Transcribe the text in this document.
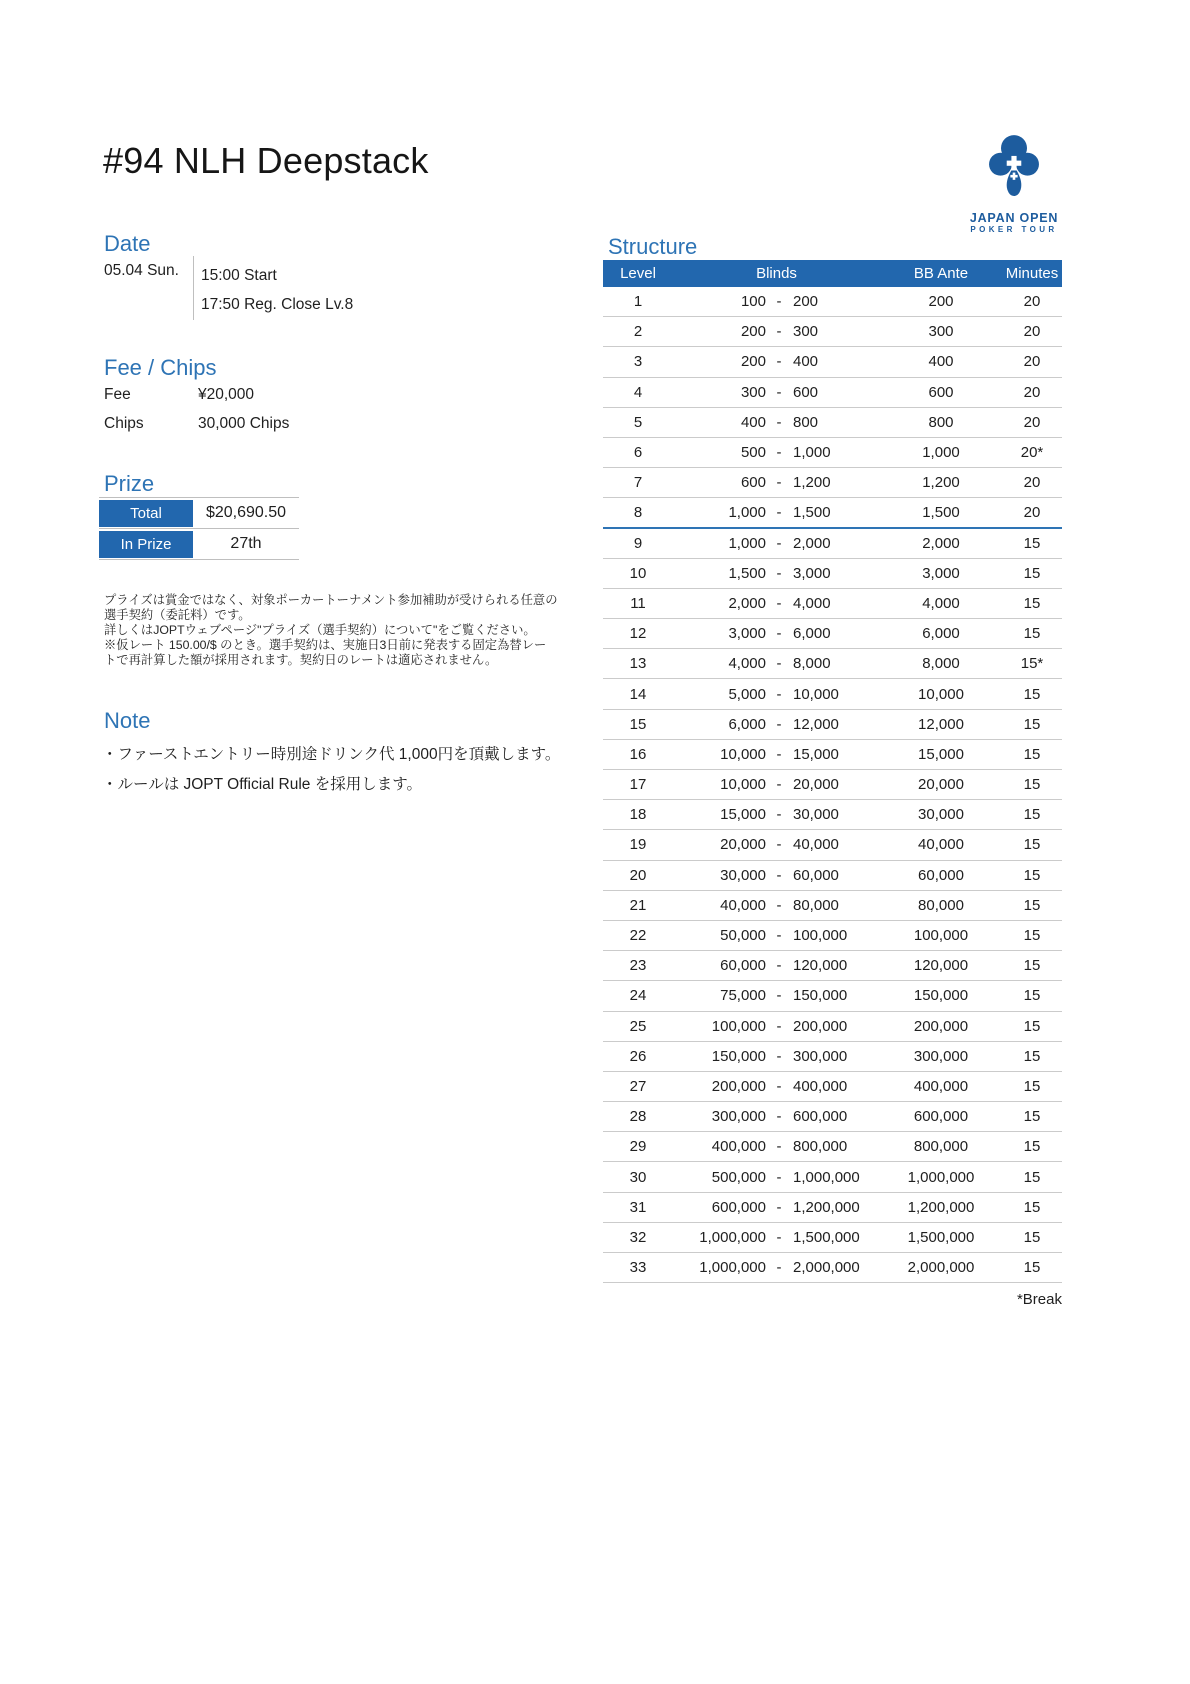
#94 NLH Deepstack
JAPAN OPEN
POKER TOUR
Date
05.04 Sun. 15:00 Start
17:50 Reg. Close Lv.8
Fee / Chips
Fee	¥20,000
Chips	30,000 Chips
Prize
Total	$20,690.50
In Prize	27th
プライズは賞金ではなく、対象ポーカートーナメント参加補助が受けられる任意の選手契約（委託料）です。
詳しくはJOPTウェブページ"プライズ（選手契約）について"をご覧ください。
※仮レート 150.00/$ のとき。選手契約は、実施日3日前に発表する固定為替レートで再計算した額が採用されます。契約日のレートは適応されません。
Note
・ファーストエントリー時別途ドリンク代 1,000円を頂戴します。
・ルールは JOPT Official Rule を採用します。
Structure
Level	Blinds	BB Ante	Minutes
1	100 - 200	200	20
2	200 - 300	300	20
3	200 - 400	400	20
4	300 - 600	600	20
5	400 - 800	800	20
6	500 - 1,000	1,000	20*
7	600 - 1,200	1,200	20
8	1,000 - 1,500	1,500	20
9	1,000 - 2,000	2,000	15
10	1,500 - 3,000	3,000	15
11	2,000 - 4,000	4,000	15
12	3,000 - 6,000	6,000	15
13	4,000 - 8,000	8,000	15*
14	5,000 - 10,000	10,000	15
15	6,000 - 12,000	12,000	15
16	10,000 - 15,000	15,000	15
17	10,000 - 20,000	20,000	15
18	15,000 - 30,000	30,000	15
19	20,000 - 40,000	40,000	15
20	30,000 - 60,000	60,000	15
21	40,000 - 80,000	80,000	15
22	50,000 - 100,000	100,000	15
23	60,000 - 120,000	120,000	15
24	75,000 - 150,000	150,000	15
25	100,000 - 200,000	200,000	15
26	150,000 - 300,000	300,000	15
27	200,000 - 400,000	400,000	15
28	300,000 - 600,000	600,000	15
29	400,000 - 800,000	800,000	15
30	500,000 - 1,000,000	1,000,000	15
31	600,000 - 1,200,000	1,200,000	15
32	1,000,000 - 1,500,000	1,500,000	15
33	1,000,000 - 2,000,000	2,000,000	15
*Break
